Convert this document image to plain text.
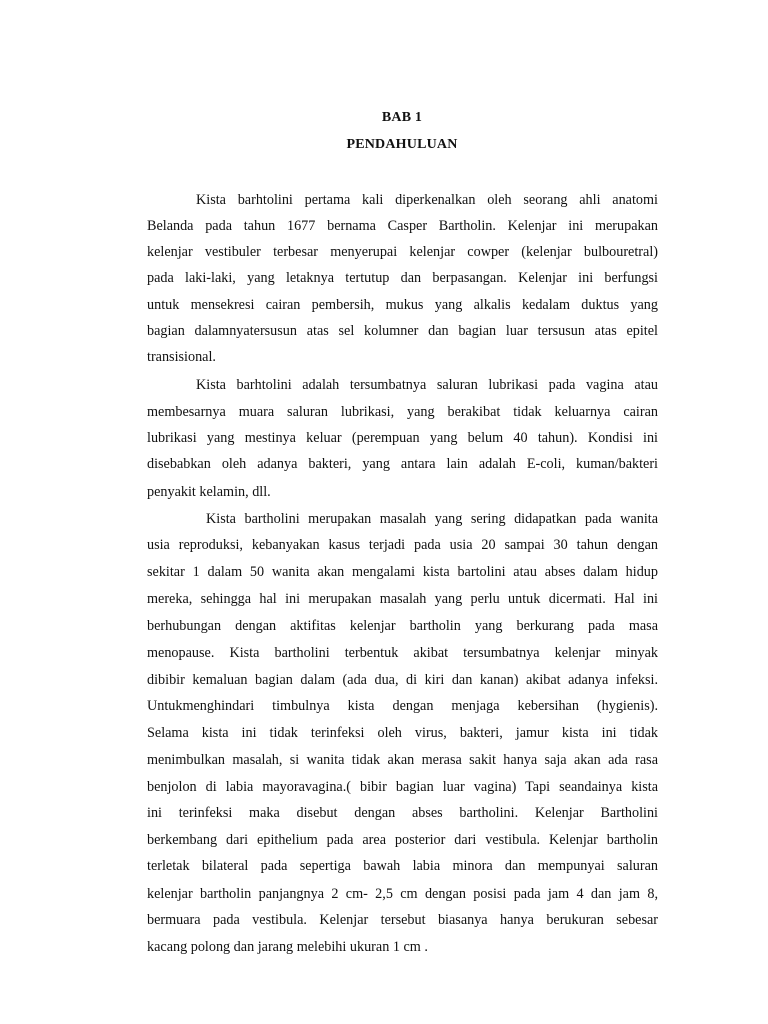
BAB 1
PENDAHULUAN
Kista barhtolini pertama kali diperkenalkan oleh seorang ahli anatomi
Belanda pada tahun 1677 bernama Casper Bartholin. Kelenjar ini merupakan
kelenjar vestibuler terbesar menyerupai kelenjar cowper (kelenjar bulbouretral)
pada laki-laki, yang letaknya tertutup dan berpasangan. Kelenjar ini berfungsi
untuk mensekresi cairan pembersih, mukus yang alkalis kedalam duktus yang
bagian dalamnyatersusun atas sel kolumner dan bagian luar tersusun atas epitel
transisional.
Kista barhtolini adalah tersumbatnya saluran lubrikasi pada vagina atau
membesarnya muara saluran lubrikasi, yang berakibat tidak keluarnya cairan
lubrikasi yang mestinya keluar (perempuan yang belum 40 tahun). Kondisi ini
disebabkan oleh adanya bakteri, yang antara lain adalah E-coli, kuman/bakteri
penyakit kelamin, dll.
Kista bartholini merupakan masalah yang sering didapatkan pada wanita
usia reproduksi, kebanyakan kasus terjadi pada usia 20 sampai 30 tahun dengan
sekitar 1 dalam 50 wanita akan mengalami kista bartolini atau abses dalam hidup
mereka, sehingga hal ini merupakan masalah yang perlu untuk dicermati. Hal ini
berhubungan dengan aktifitas kelenjar bartholin yang berkurang pada masa
menopause. Kista bartholini terbentuk akibat tersumbatnya kelenjar minyak
dibibir kemaluan bagian dalam (ada dua, di kiri dan kanan) akibat adanya infeksi.
Untukmenghindari timbulnya kista dengan menjaga kebersihan (hygienis).
Selama kista ini tidak terinfeksi oleh virus, bakteri, jamur kista ini tidak
menimbulkan masalah, si wanita tidak akan merasa sakit hanya saja akan ada rasa
benjolon di labia mayoravagina.( bibir bagian luar vagina) Tapi seandainya kista
ini terinfeksi maka disebut dengan abses bartholini. Kelenjar Bartholini
berkembang dari epithelium pada area posterior dari vestibula. Kelenjar bartholin
terletak bilateral pada sepertiga bawah labia minora dan mempunyai saluran
kelenjar bartholin panjangnya 2 cm- 2,5 cm dengan posisi pada jam 4 dan jam 8,
bermuara pada vestibula. Kelenjar tersebut biasanya hanya berukuran sebesar
kacang polong dan jarang melebihi ukuran 1 cm .
